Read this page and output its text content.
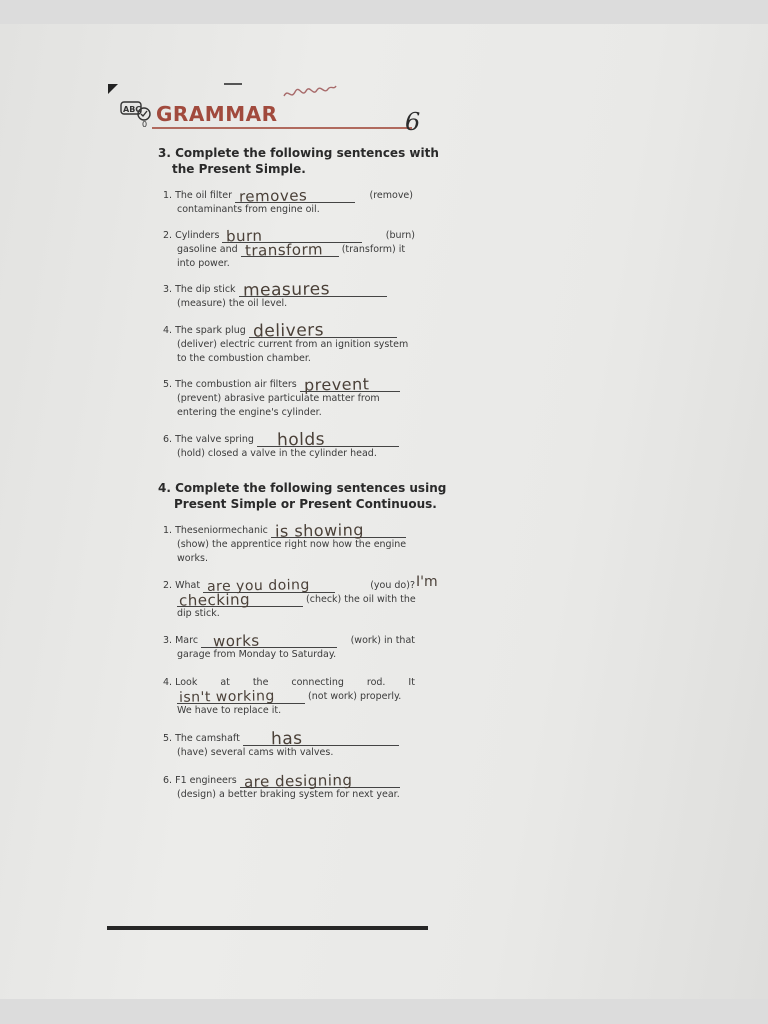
ABC
0 GRAMMAR	6
3. Complete the following sentences with
the Present Simple.
1. The oil filter removes	(remove)
contaminants from engine oil.
2. Cylinders burn	(burn)
gasoline and transform (transform) it
into power.
3. The dip stick measures
(measure) the oil level.
4. The spark plug delivers
(deliver) electric current from an ignition system
to the combustion chamber.
5. The combustion air filters prevent
(prevent) abrasive particulate matter from
entering the engine's cylinder.
6. The valve spring holds
(hold) closed a valve in the cylinder head.
4. Complete the following sentences using
Present Simple or Present Continuous.
1. Theseniormechanic is showing
(show) the apprentice right now how the engine
works.
2. What are you doing	(you do)?
checking	(check) the oil with the
dip stick.
I'm
3. Marc works	(work) in that
garage from Monday to Saturday.
4. Look at the connecting rod. It
isn't working	(not work) properly.
We have to replace it.
5. The camshaft has
(have) several cams with valves.
6. F1 engineers are designing
(design) a better braking system for next year.
